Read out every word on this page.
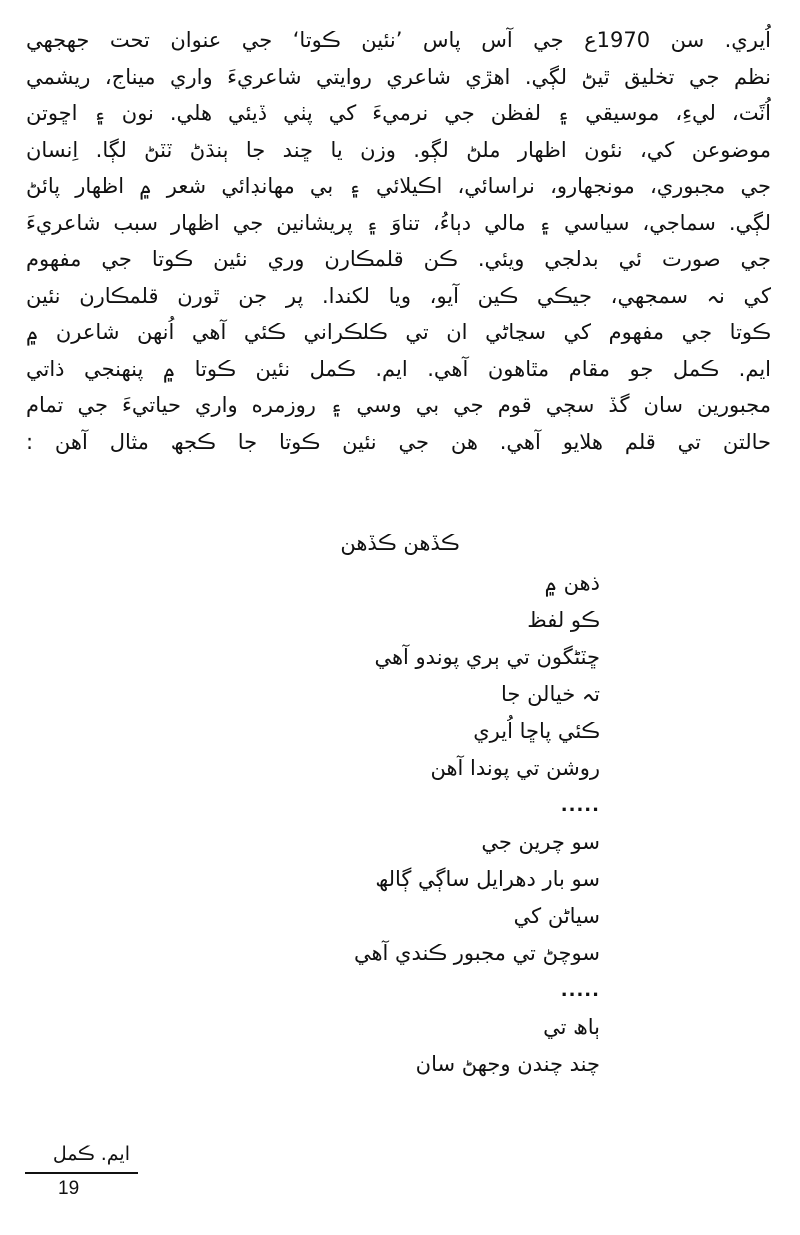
اُيري. سن 1970ع جي آس پاس ’نئين ڪوتا‘ جي عنوان تحت جهجهي
نظم جي تخليق ٿيڻ لڳي. اهڙي شاعري روايتي شاعريءَ واري ميناج، ريشمي
اُٽَت، ليءِ، موسيقي ۽ لفظن جي نرميءَ کي پٺي ڏيئي هلي. نون ۽ اڇوتن
موضوعن کي، نئون اظهار ملڻ لڳو. وزن يا ڇند جا ٻنڌڻ ٽٽڻ لڳا. اِنسان
جي مجبوري، مونجهارو، نراسائي، اڪيلائي ۽ بي مهانڊائي شعر ۾ اظهار پائڻ
لڳي. سماجي، سياسي ۽ مالي دٻاءُ، تناوَ ۽ پريشانين جي اظهار سبب شاعريءَ
جي صورت ئي بدلجي ويئي. ڪن قلمڪارن وري نئين ڪوتا جي مفهوم
کي نہ سمجهي، جيڪي ڪين آيو، ويا لکندا. پر جن ٿورن قلمڪارن نئين
ڪوتا جي مفهوم کي سڃاڻي ان تي ڪلڪراني ڪئي آهي اُنهن شاعرن ۾
ايم. ڪمل جو مقام مٿاهون آهي. ايم. ڪمل نئين ڪوتا ۾ پنهنجي ذاتي
مجبورين سان گڏ سڄي قوم جي بي وسي ۽ روزمره واري حياتيءَ جي تمام
حالتن تي قلم هلايو آهي. هن جي نئين ڪوتا جا ڪجھ مثال آهن :
ڪڏهن ڪڏهن
ذهن ۾
ڪو لفظ
ڇٽڻگون تي ٻري پوندو آهي
تہ خيالن جا
ڪئي پاڇا اُيري
روشن تي پوندا آهن
.....
سو چرين جي
سو بار دهرايل ساڳي ڳالھ
سياڻن کي
سوچڻ تي مجبور ڪندي آهي
.....
ٻاھ تي
چند چندن وجهڻ سان
ايم. ڪمل
19
